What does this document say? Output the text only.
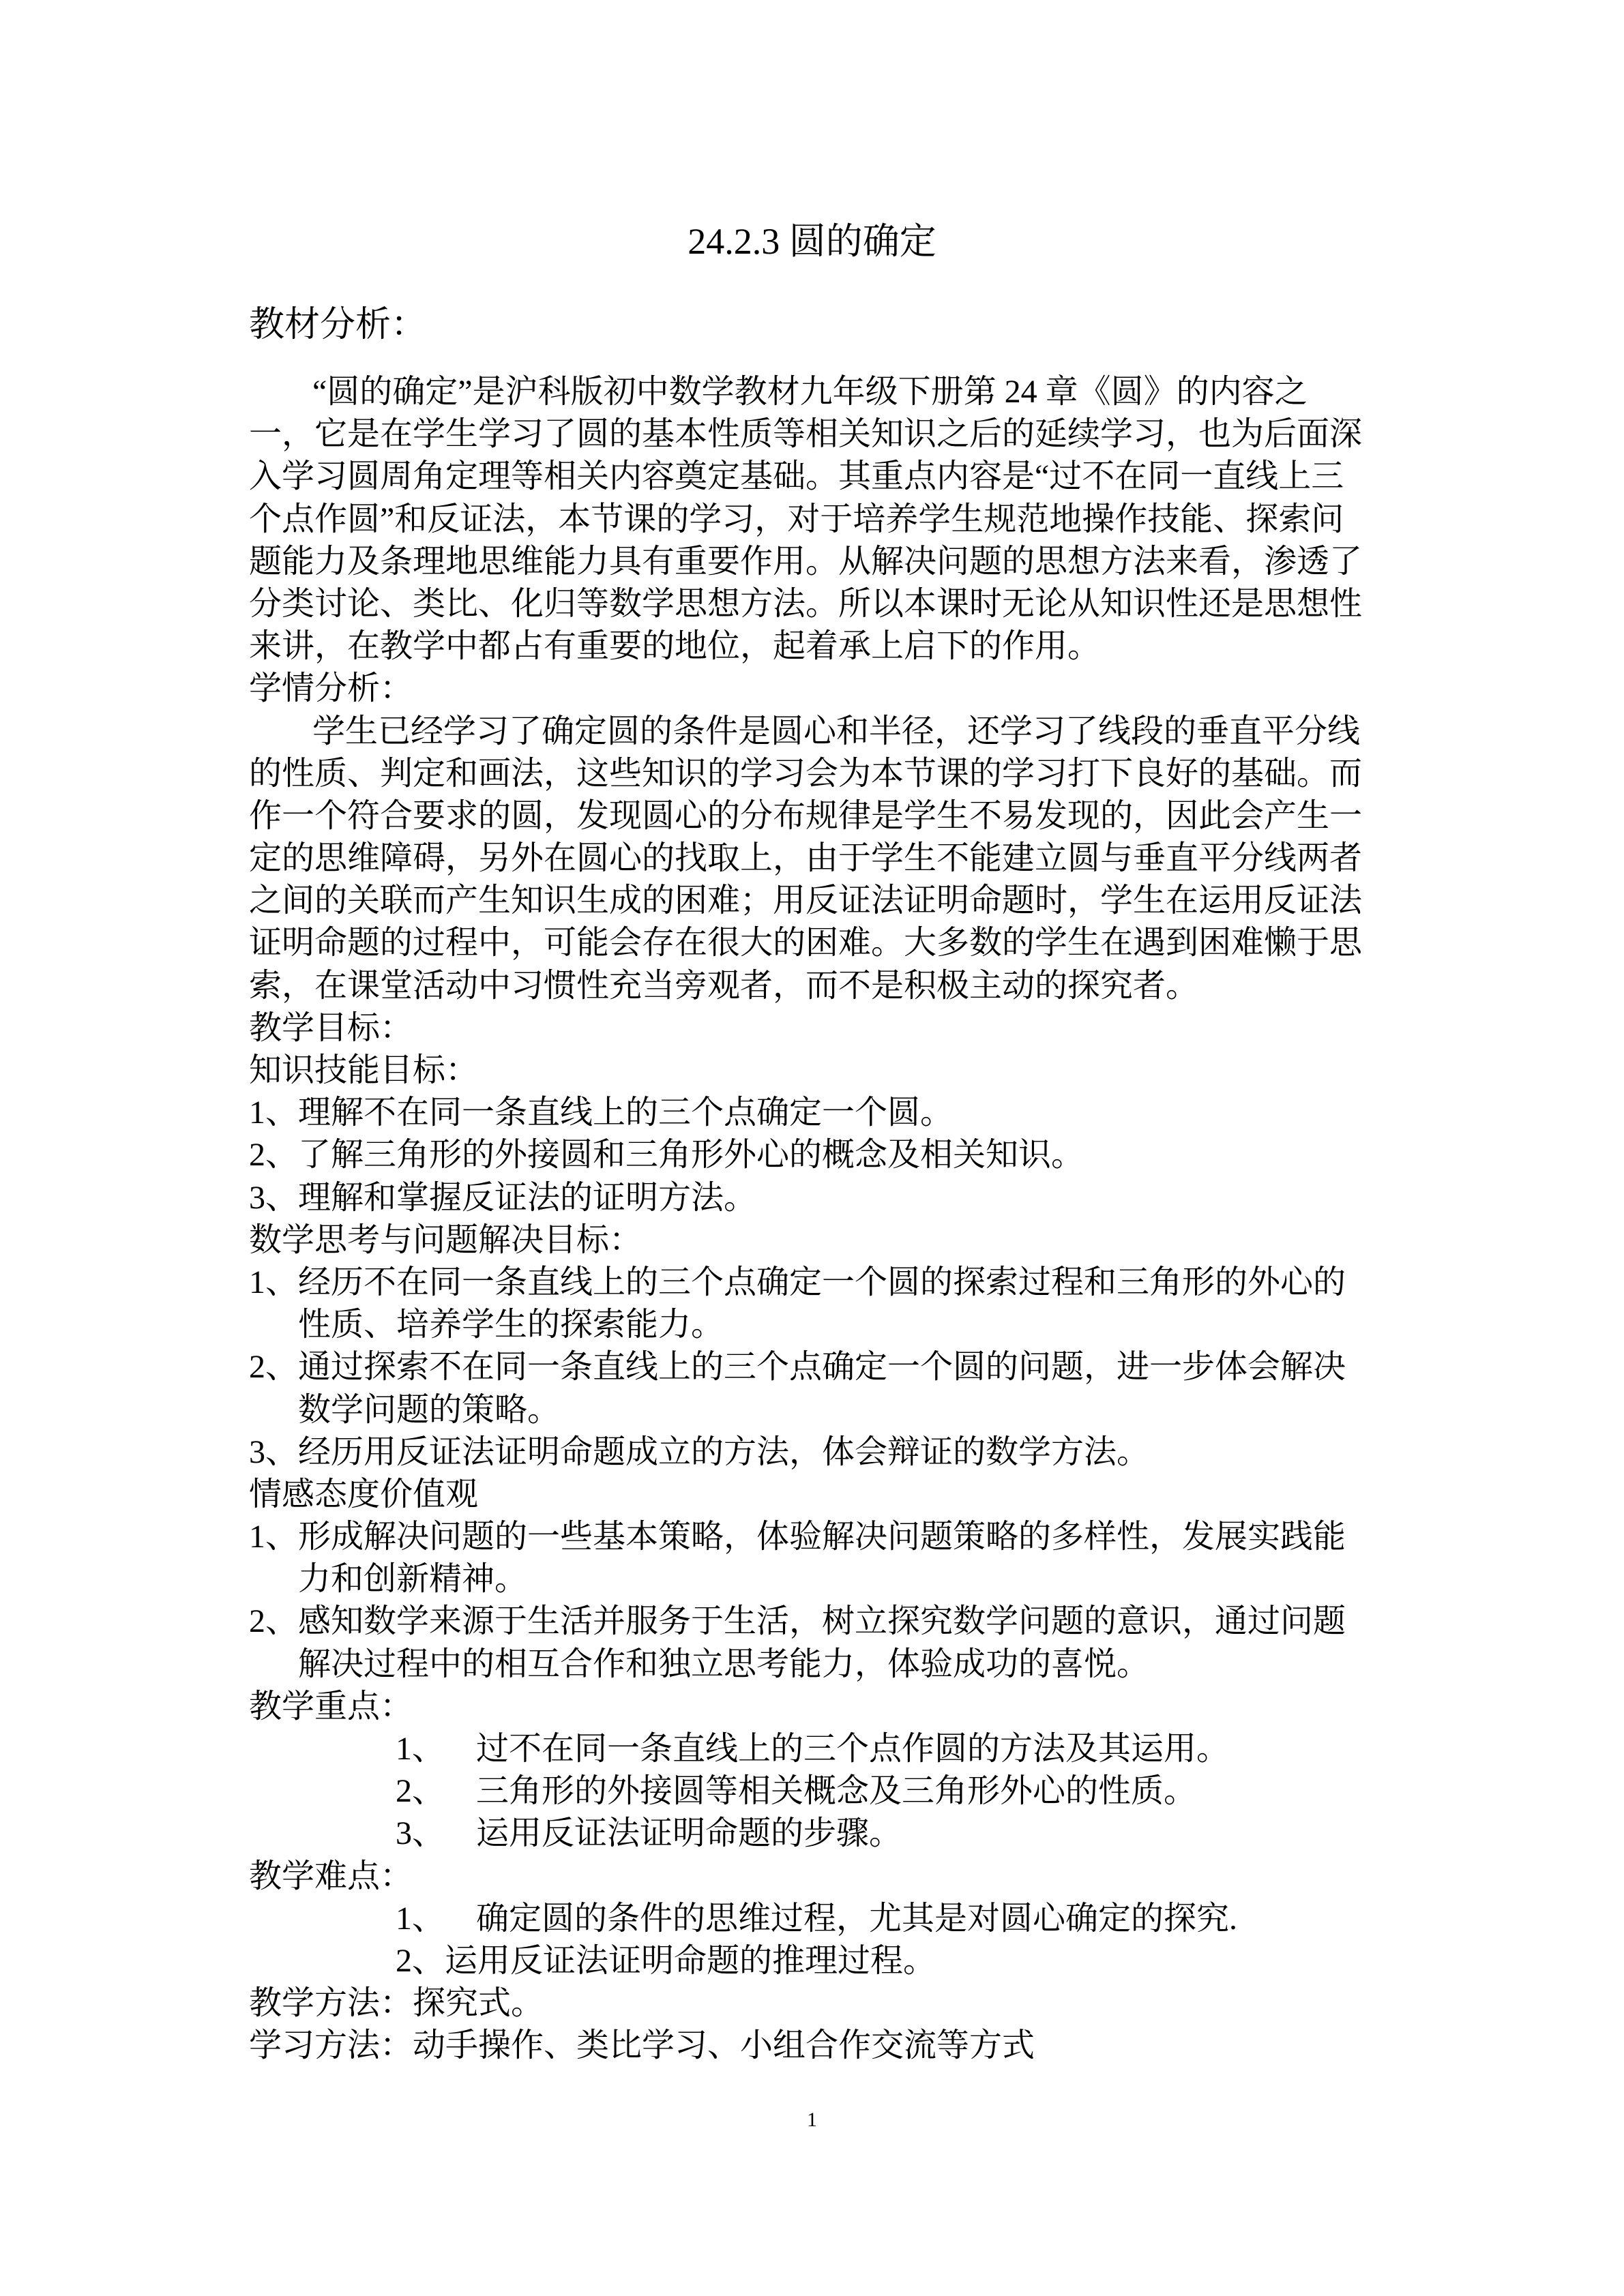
24.2.3 圆的确定
教材分析：
“圆的确定”是沪科版初中数学教材九年级下册第 24 章《圆》的内容之
一，它是在学生学习了圆的基本性质等相关知识之后的延续学习，也为后面深
入学习圆周角定理等相关内容奠定基础。其重点内容是“过不在同一直线上三
个点作圆”和反证法，本节课的学习，对于培养学生规范地操作技能、探索问
题能力及条理地思维能力具有重要作用。从解决问题的思想方法来看，渗透了
分类讨论、类比、化归等数学思想方法。所以本课时无论从知识性还是思想性
来讲，在教学中都占有重要的地位，起着承上启下的作用。
学情分析：
学生已经学习了确定圆的条件是圆心和半径，还学习了线段的垂直平分线
的性质、判定和画法，这些知识的学习会为本节课的学习打下良好的基础。而
作一个符合要求的圆，发现圆心的分布规律是学生不易发现的，因此会产生一
定的思维障碍，另外在圆心的找取上，由于学生不能建立圆与垂直平分线两者
之间的关联而产生知识生成的困难；用反证法证明命题时，学生在运用反证法
证明命题的过程中，可能会存在很大的困难。大多数的学生在遇到困难懒于思
索，在课堂活动中习惯性充当旁观者，而不是积极主动的探究者。
教学目标：
知识技能目标：
1、理解不在同一条直线上的三个点确定一个圆。
2、了解三角形的外接圆和三角形外心的概念及相关知识。
3、理解和掌握反证法的证明方法。
数学思考与问题解决目标：
1、经历不在同一条直线上的三个点确定一个圆的探索过程和三角形的外心的
性质、培养学生的探索能力。
2、通过探索不在同一条直线上的三个点确定一个圆的问题，进一步体会解决
数学问题的策略。
3、经历用反证法证明命题成立的方法，体会辩证的数学方法。
情感态度价值观
1、形成解决问题的一些基本策略，体验解决问题策略的多样性，发展实践能
力和创新精神。
2、感知数学来源于生活并服务于生活，树立探究数学问题的意识，通过问题
解决过程中的相互合作和独立思考能力，体验成功的喜悦。
教学重点：
1、 过不在同一条直线上的三个点作圆的方法及其运用。
2、 三角形的外接圆等相关概念及三角形外心的性质。
3、 运用反证法证明命题的步骤。
教学难点：
1、 确定圆的条件的思维过程，尤其是对圆心确定的探究.
2、运用反证法证明命题的推理过程。
教学方法：探究式。
学习方法：动手操作、类比学习、小组合作交流等方式
1
